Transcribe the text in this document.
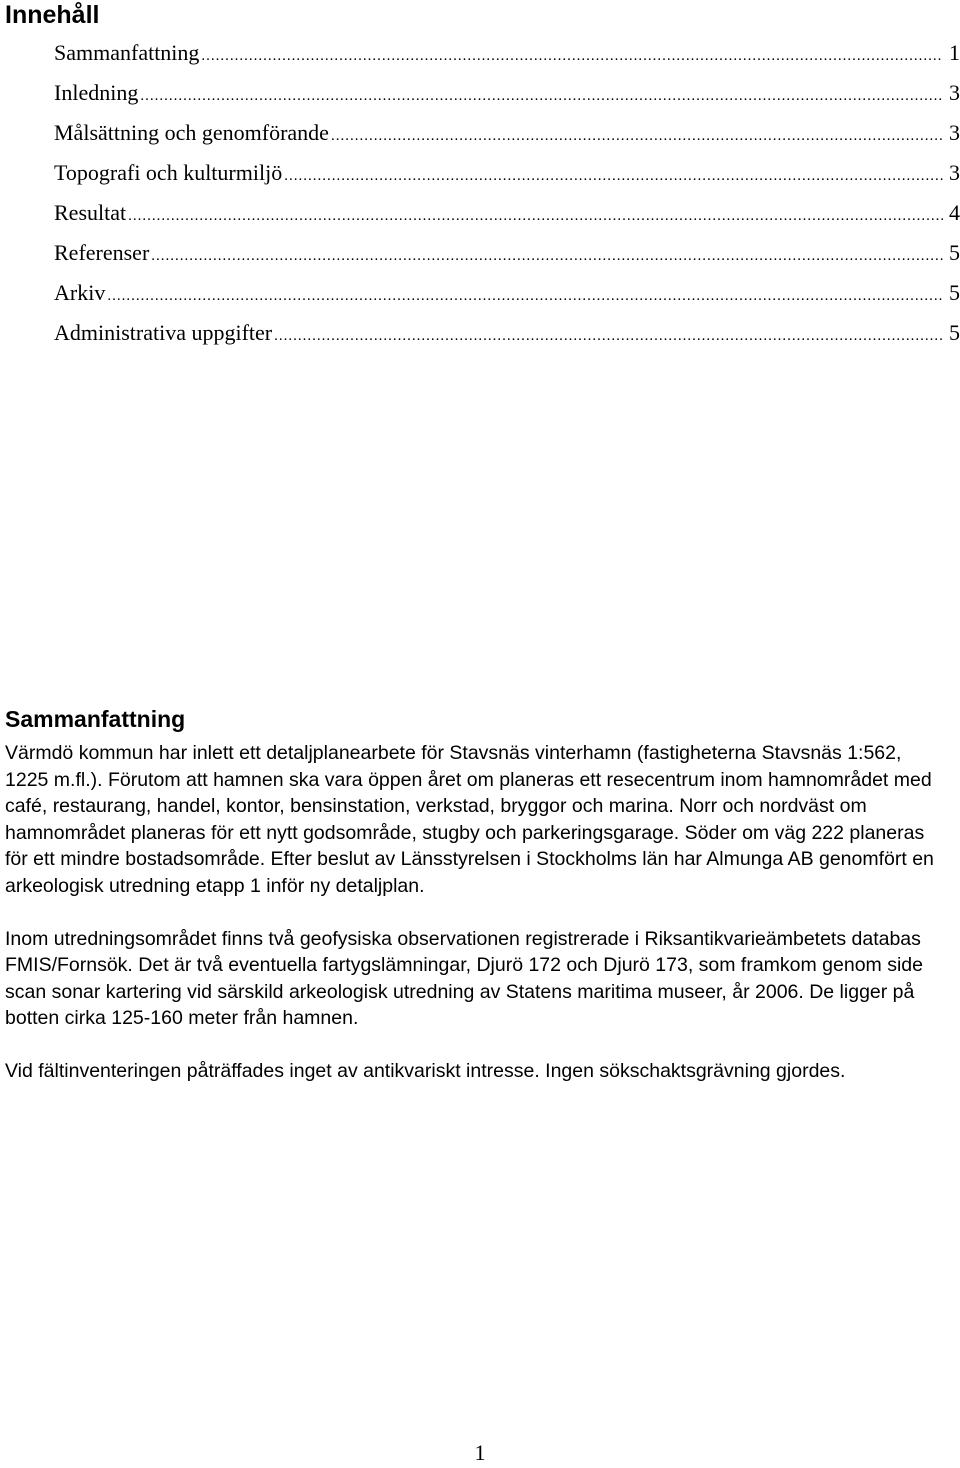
Innehåll
Sammanfattning .....	1
Inledning .....	3
Målsättning och genomförande .....	3
Topografi och kulturmiljö .....	3
Resultat .....	4
Referenser .....	5
Arkiv .....	5
Administrativa uppgifter .....	5
Sammanfattning

Värmdö kommun har inlett ett detaljplanearbete för Stavsnäs vinterhamn (fastigheterna Stavsnäs 1:562, 1225 m.fl.). Förutom att hamnen ska vara öppen året om planeras ett resecentrum inom hamnområdet med café, restaurang, handel, kontor, bensinstation, verkstad, bryggor och marina. Norr och nordväst om hamnområdet planeras för ett nytt godsområde, stugby och parkeringsgarage. Söder om väg 222 planeras för ett mindre bostadsområde. Efter beslut av Länsstyrelsen i Stockholms län har Almunga AB genomfört en arkeologisk utredning etapp 1 inför ny detaljplan.

Inom utredningsområdet finns två geofysiska observationen registrerade i Riksantikvarieämbetets databas FMIS/Fornsök. Det är två eventuella fartygslämningar, Djurö 172 och Djurö 173, som framkom genom side scan sonar kartering vid särskild arkeologisk utredning av Statens maritima museer, år 2006. De ligger på botten cirka 125-160 meter från hamnen.

Vid fältinventeringen påträffades inget av antikvariskt intresse. Ingen sökschaktsgrävning gjordes.

1
